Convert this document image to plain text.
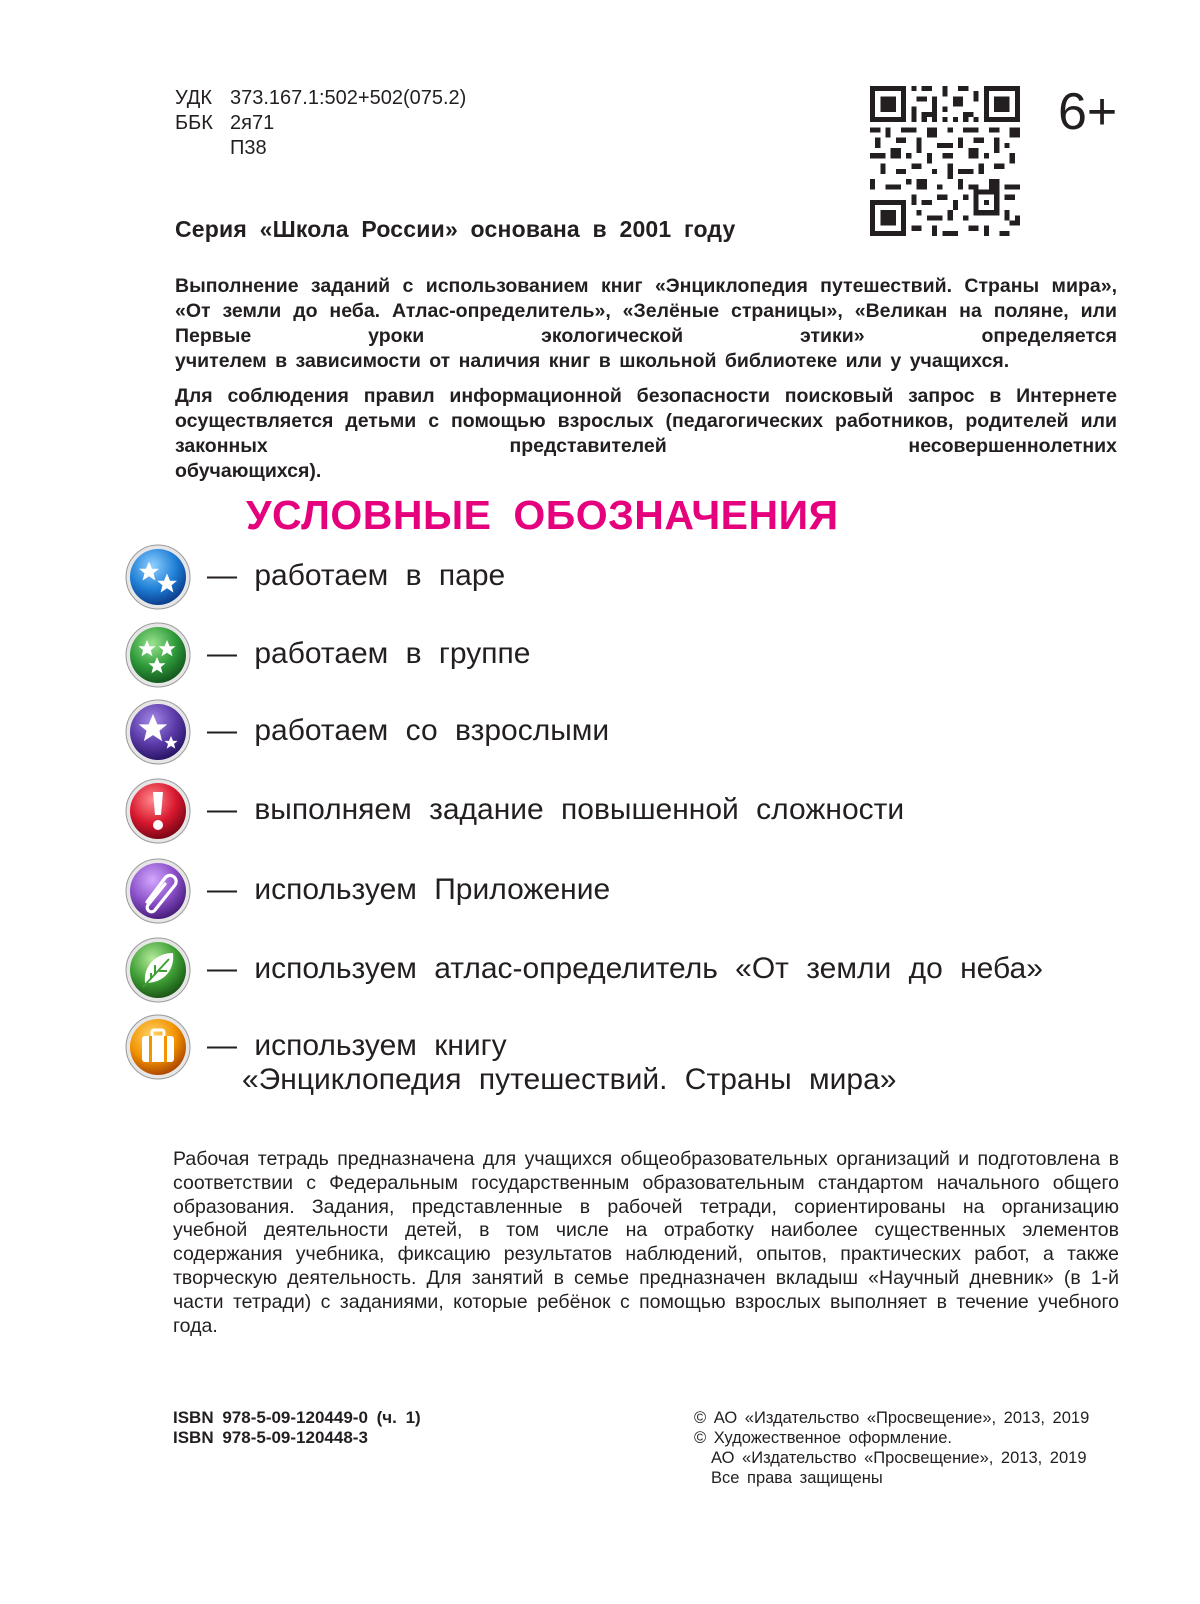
УДК 373.167.1:502+502(075.2)
ББК 2я71
П38
6+
Серия «Школа России» основана в 2001 году
Выполнение заданий с использованием книг «Энциклопедия путешествий. Страны мира», «От земли до неба. Атлас-определитель», «Зелёные страницы», «Великан на поляне, или Первые уроки экологической этики» определяется
учителем в зависимости от наличия книг в школьной библиотеке или у учащихся.
Для соблюдения правил информационной безопасности поисковый запрос в Интернете осуществляется детьми с помощью взрослых (педагогических работников, родителей или законных представителей несовершеннолетних
обучающихся).
УСЛОВНЫЕ ОБОЗНАЧЕНИЯ
— работаем в паре
— работаем в группе
— работаем со взрослыми
— выполняем задание повышенной сложности
— используем Приложение
— используем атлас-определитель «От земли до неба»
— используем книгу
«Энциклопедия путешествий. Страны мира»
Рабочая тетрадь предназначена для учащихся общеобразовательных организаций и подготовлена в соответствии с Федеральным государственным образовательным стандартом начального общего образования. Задания, представленные в рабочей тетради, сориентированы на организацию учебной деятельности детей, в том числе на отработку наиболее существенных элементов содержания учебника, фиксацию результатов наблюдений, опытов, практических работ, а также творческую деятельность. Для занятий в семье предназначен вкладыш «Научный дневник» (в 1-й части тетради) с заданиями, которые ребёнок с помощью взрослых выполняет в течение учебного года.
ISBN 978-5-09-120449-0 (ч. 1)
ISBN 978-5-09-120448-3
© АО «Издательство «Просвещение», 2013, 2019
© Художественное оформление.
АО «Издательство «Просвещение», 2013, 2019
Все права защищены
